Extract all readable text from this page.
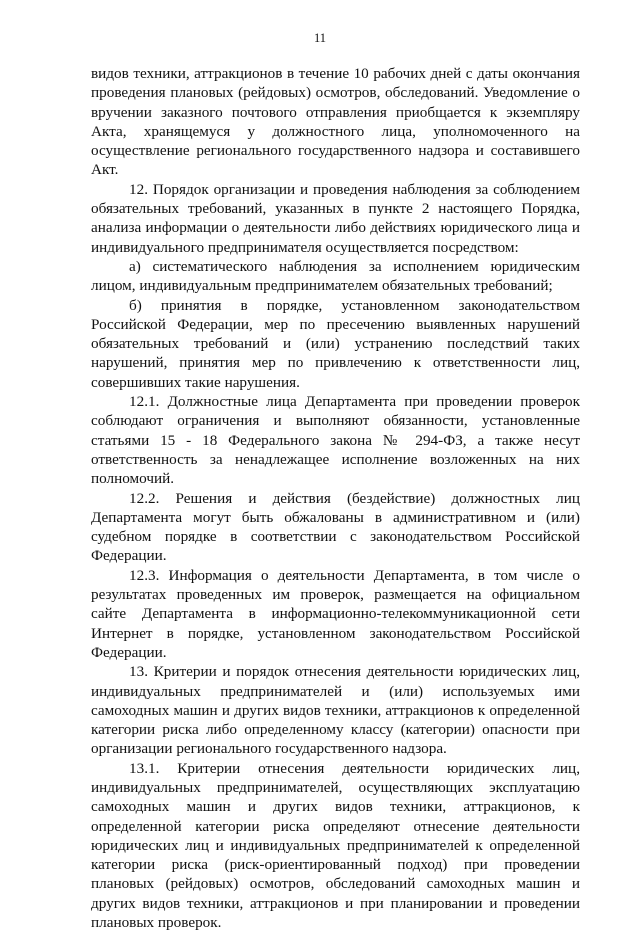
11

видов техники, аттракционов в течение 10 рабочих дней с даты окончания проведения плановых (рейдовых) осмотров, обследований. Уведомление о вручении заказного почтового отправления приобщается к экземпляру Акта, хранящемуся у должностного лица, уполномоченного на осуществление регионального государственного надзора и составившего Акт.

12. Порядок организации и проведения наблюдения за соблюдением обязательных требований, указанных в пункте 2 настоящего Порядка, анализа информации о деятельности либо действиях юридического лица и индивидуального предпринимателя осуществляется посредством:

а) систематического наблюдения за исполнением юридическим лицом, индивидуальным предпринимателем обязательных требований;

б) принятия в порядке, установленном законодательством Российской Федерации, мер по пресечению выявленных нарушений обязательных требований и (или) устранению последствий таких нарушений, принятия мер по привлечению к ответственности лиц, совершивших такие нарушения.

12.1. Должностные лица Департамента при проведении проверок соблюдают ограничения и выполняют обязанности, установленные статьями 15 - 18 Федерального закона № 294-ФЗ, а также несут ответственность за ненадлежащее исполнение возложенных на них полномочий.

12.2. Решения и действия (бездействие) должностных лиц Департамента могут быть обжалованы в административном и (или) судебном порядке в соответствии с законодательством Российской Федерации.

12.3. Информация о деятельности Департамента, в том числе о результатах проведенных им проверок, размещается на официальном сайте Департамента в информационно-телекоммуникационной сети Интернет в порядке, установленном законодательством Российской Федерации.

13. Критерии и порядок отнесения деятельности юридических лиц, индивидуальных предпринимателей и (или) используемых ими самоходных машин и других видов техники, аттракционов к определенной категории риска либо определенному классу (категории) опасности при организации регионального государственного надзора.

13.1. Критерии отнесения деятельности юридических лиц, индивидуальных предпринимателей, осуществляющих эксплуатацию самоходных машин и других видов техники, аттракционов, к определенной категории риска определяют отнесение деятельности юридических лиц и индивидуальных предпринимателей к определенной категории риска (риск-ориентированный подход) при проведении плановых (рейдовых) осмотров, обследований самоходных машин и других видов техники, аттракционов и при планировании и проведении плановых проверок.
